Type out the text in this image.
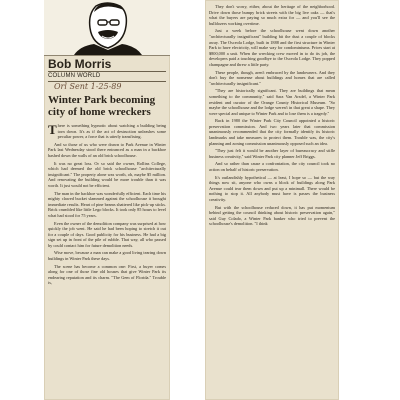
Bob Morris
COLUMN WORLD
Orl Sent 1-25-89
Winter Park becoming city of home wreckers

There is something hypnotic about watching a building being torn down. It's as if the act of destruction unleashes some peculiar power, a force that is utterly transfixing.

And so those of us who were drawn to Park Avenue in Winter Park last Wednesday stood there entranced as a man in a backhoe bashed down the walls of an old brick schoolhouse.

It was no great loss. Or so said the owner, Rollins College, which had deemed the old brick schoolhouse "architecturally insignificant." The property alone was worth, oh, maybe $5 million. And renovating the building would be more trouble than it was worth. It just would not be efficient.

The man in the backhoe was wonderfully efficient. Each time his mighty clawed bucket slammed against the schoolhouse it brought immediate results. Heart of pine beams shattered like pick-up sticks. Brick crumbled like little Lego blocks. It took only 85 hours to level what had stood for 75 years.

Even the owner of the demolition company was surprised at how quickly the job went. He said he had been hoping to stretch it out for a couple of days. Good publicity for his business. He had a big sign set up in front of the pile of rubble. That way, all who passed by could contact him for future demolition needs.

Wise move, because a man can make a good living tearing down buildings in Winter Park these days.

The scene has become a common one: First, a buyer comes along for one of those fine old houses that give Winter Park its endearing reputation and its charm. "The Gem of Florida." Trouble is,

They don't worry, either, about the heritage of the neighborhood. Drive down those bumpy brick streets with the big live oaks — that's what the buyers are paying so much extra for — and you'll see the bulldozers working overtime.

Just a week before the schoolhouse went down another "architecturally insignificant" building bit the dust a couple of blocks away. The Osceola Lodge, built in 1888 and the first structure in Winter Park to have electricity, will make way for condominiums. Prices start at $800,000 a unit. When the wrecking crew moved in to do its job, the developers paid a touching goodbye to the Osceola Lodge. They popped champagne and threw a little party.

These people, though, aren't embraced by the landowners. And they don't buy the nonsense about buildings and homes that are called "architecturally insignificant."

"They are historically significant. They are buildings that mean something to the community," said Sara Van Arsdel, a Winter Park resident and curator of the Orange County Historical Museum. "So maybe the schoolhouse and the lodge weren't in that great a shape. They were special and unique to Winter Park and to lose them is a tragedy."

Back in 1980 the Winter Park City Council appointed a historic preservation commission. And two years later that commission unanimously recommended that the city formally identify its historic landmarks and take measures to protect them. Trouble was, the city's planning and zoning commission unanimously opposed such an idea.

"They just felt it would be another layer of bureaucracy and stifle business creativity," said Winter Park city planner Jeff Briggs.

And so rather than cause a confrontation, the city council took no action on behalf of historic preservation.

It's outlandishly hypothetical — at least, I hope so — but the way things now sit, anyone who owns a block of buildings along Park Avenue could tear them down and put up a minimall. There would be nothing to stop it. All anybody must have is passes the business creativity.

But with the schoolhouse reduced down, it has put momentum behind getting the council thinking about historic preservation again," said Guy Colado, a Winter Park banker who tried to prevent the schoolhouse's demolition. "I think
